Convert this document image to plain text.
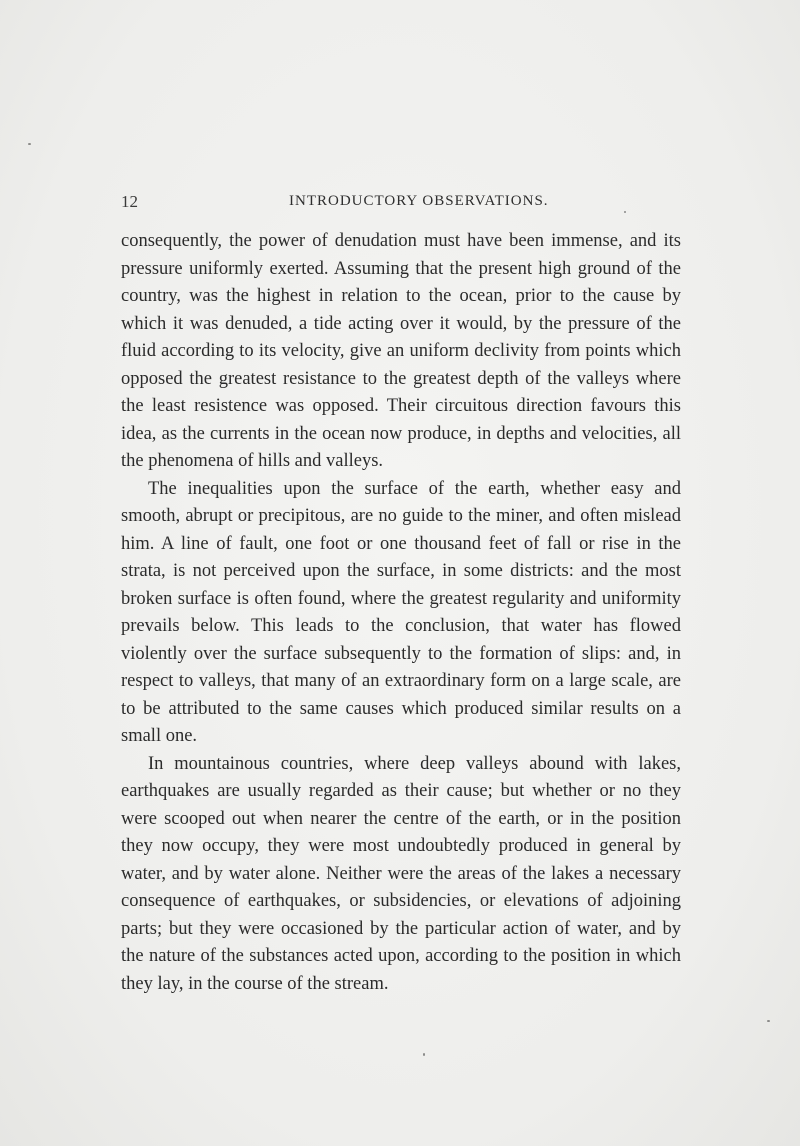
12	INTRODUCTORY OBSERVATIONS.

consequently, the power of denudation must have been immense, and its pressure uniformly exerted. Assuming that the present high ground of the country, was the highest in relation to the ocean, prior to the cause by which it was denuded, a tide acting over it would, by the pressure of the fluid according to its velocity, give an uniform declivity from points which opposed the greatest resistance to the greatest depth of the valleys where the least resistence was opposed. Their circuitous direction favours this idea, as the currents in the ocean now produce, in depths and velocities, all the phenomena of hills and valleys.

The inequalities upon the surface of the earth, whether easy and smooth, abrupt or precipitous, are no guide to the miner, and often mislead him. A line of fault, one foot or one thousand feet of fall or rise in the strata, is not perceived upon the surface, in some districts: and the most broken surface is often found, where the greatest regularity and uniformity prevails below. This leads to the conclusion, that water has flowed violently over the surface subsequently to the formation of slips: and, in respect to valleys, that many of an extraordinary form on a large scale, are to be attributed to the same causes which produced similar results on a small one.

In mountainous countries, where deep valleys abound with lakes, earthquakes are usually regarded as their cause; but whether or no they were scooped out when nearer the centre of the earth, or in the position they now occupy, they were most undoubtedly produced in general by water, and by water alone. Neither were the areas of the lakes a necessary consequence of earthquakes, or subsidencies, or elevations of adjoining parts; but they were occasioned by the particular action of water, and by the nature of the substances acted upon, according to the position in which they lay, in the course of the stream.
